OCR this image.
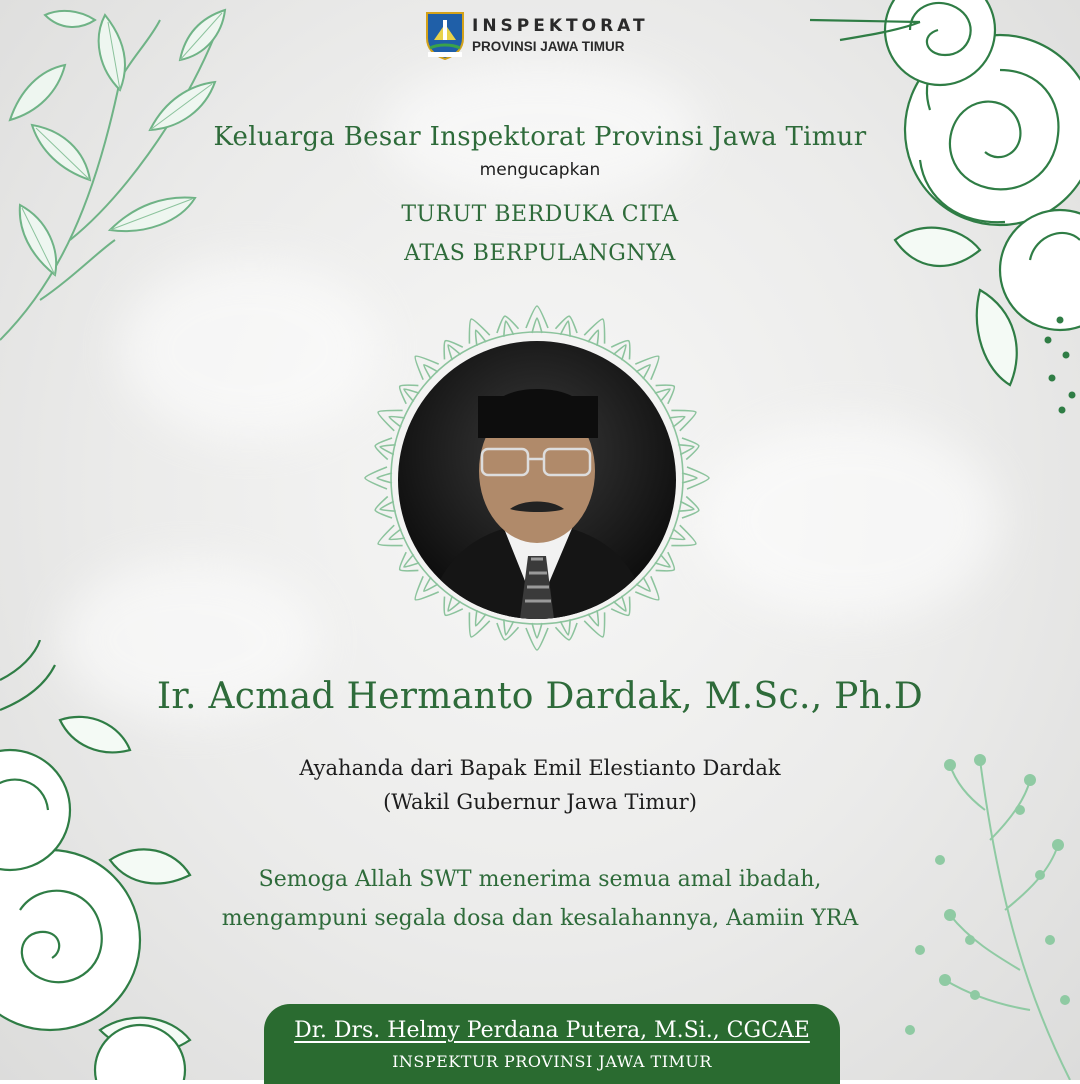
INSPEKTORAT
PROVINSI JAWA TIMUR
Keluarga Besar Inspektorat Provinsi Jawa Timur
mengucapkan
TURUT BERDUKA CITA
ATAS BERPULANGNYA
Ir. Acmad Hermanto Dardak, M.Sc., Ph.D
Ayahanda dari Bapak Emil Elestianto Dardak
(Wakil Gubernur Jawa Timur)
Semoga Allah SWT menerima semua amal ibadah,
mengampuni segala dosa dan kesalahannya, Aamiin YRA
Dr. Drs. Helmy Perdana Putera, M.Si., CGCAE
INSPEKTUR PROVINSI JAWA TIMUR
